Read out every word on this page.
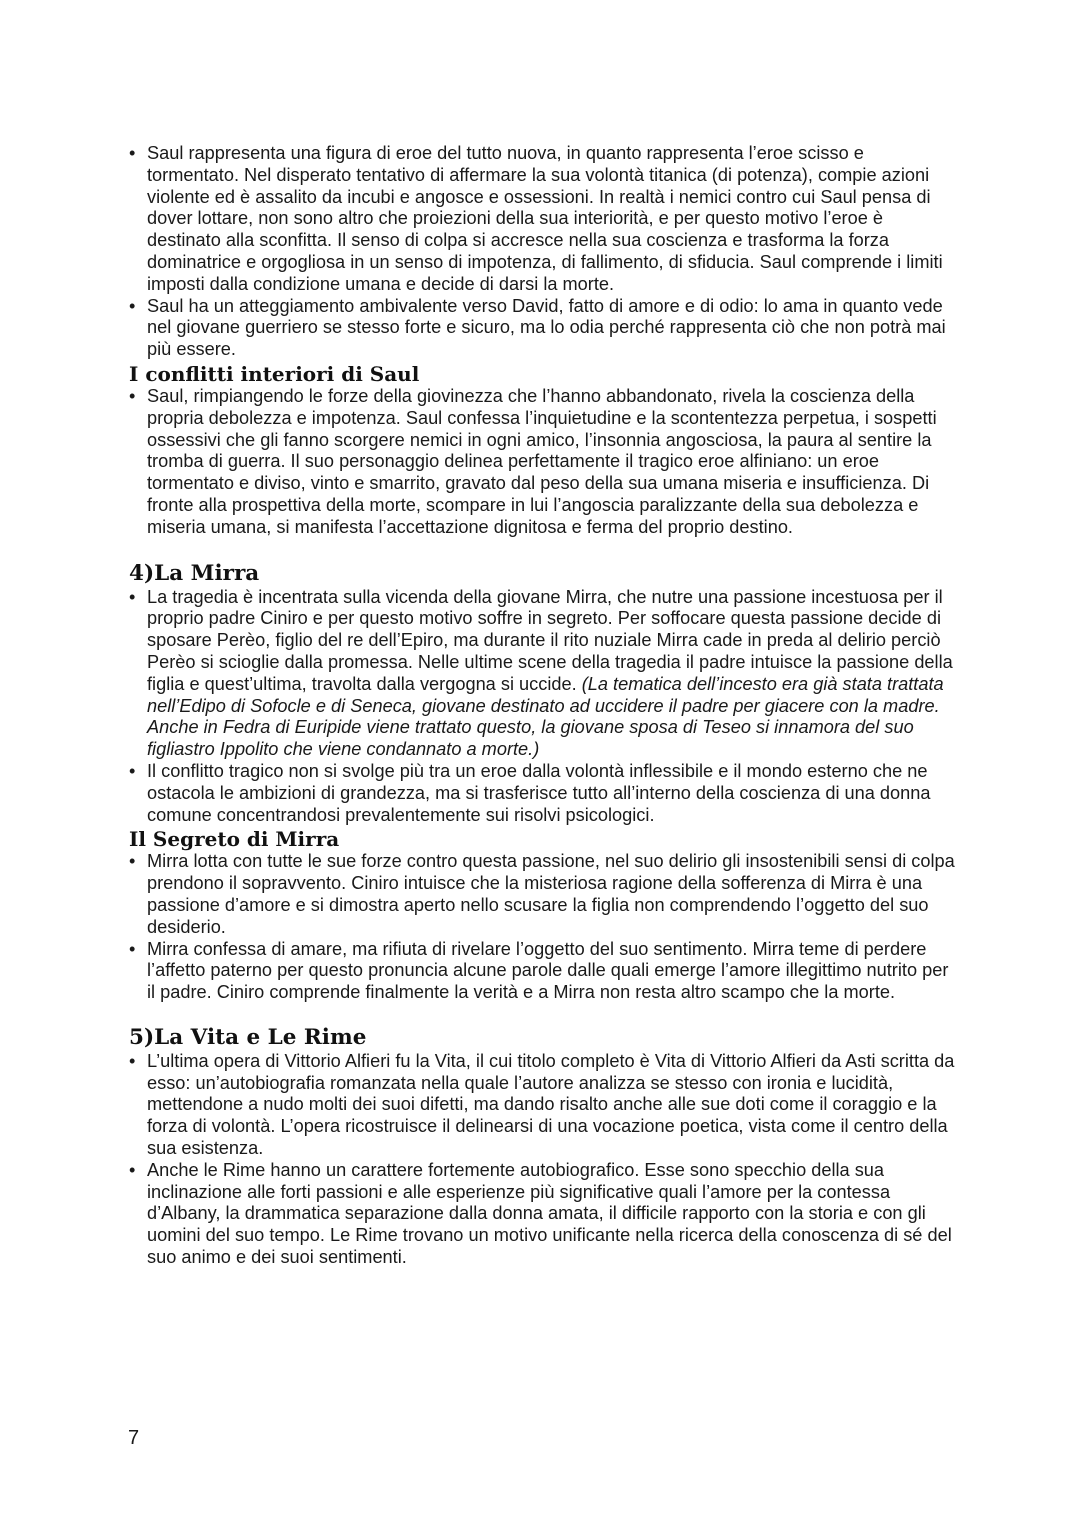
• Saul rappresenta una figura di eroe del tutto nuova, in quanto rappresenta l’eroe scisso e tormentato. Nel disperato tentativo di affermare la sua volontà titanica (di potenza), compie azioni violente ed è assalito da incubi e angosce e ossessioni. In realtà i nemici contro cui Saul pensa di dover lottare, non sono altro che proiezioni della sua interiorità, e per questo motivo l’eroe è destinato alla sconfitta. Il senso di colpa si accresce nella sua coscienza e trasforma la forza dominatrice e orgogliosa in un senso di impotenza, di fallimento, di sfiducia. Saul comprende i limiti imposti dalla condizione umana e decide di darsi la morte.
• Saul ha un atteggiamento ambivalente verso David, fatto di amore e di odio: lo ama in quanto vede nel giovane guerriero se stesso forte e sicuro, ma lo odia perché rappresenta ciò che non potrà mai più essere.
I conflitti interiori di Saul
• Saul, rimpiangendo le forze della giovinezza che l’hanno abbandonato, rivela la coscienza della propria debolezza e impotenza. Saul confessa l’inquietudine e la scontentezza perpetua, i sospetti ossessivi che gli fanno scorgere nemici in ogni amico, l’insonnia angosciosa, la paura al sentire la tromba di guerra. Il suo personaggio delinea perfettamente il tragico eroe alfiniano: un eroe tormentato e diviso, vinto e smarrito, gravato dal peso della sua umana miseria e insufficienza. Di fronte alla prospettiva della morte, scompare in lui l’angoscia paralizzante della sua debolezza e miseria umana, si manifesta l’accettazione dignitosa e ferma del proprio destino.
4)La Mirra
• La tragedia è incentrata sulla vicenda della giovane Mirra, che nutre una passione incestuosa per il proprio padre Ciniro e per questo motivo soffre in segreto. Per soffocare questa passione decide di sposare Perèo, figlio del re dell’Epiro, ma durante il rito nuziale Mirra cade in preda al delirio perciò Perèo si scioglie dalla promessa. Nelle ultime scene della tragedia il padre intuisce la passione della figlia e quest’ultima, travolta dalla vergogna si uccide. (La tematica dell’incesto era già stata trattata nell’Edipo di Sofocle e di Seneca, giovane destinato ad uccidere il padre per giacere con la madre. Anche in Fedra di Euripide viene trattato questo, la giovane sposa di Teseo si innamora del suo figliastro Ippolito che viene condannato a morte.)
• Il conflitto tragico non si svolge più tra un eroe dalla volontà inflessibile e il mondo esterno che ne ostacola le ambizioni di grandezza, ma si trasferisce tutto all’interno della coscienza di una donna comune concentrandosi prevalentemente sui risolvi psicologici.
Il Segreto di Mirra
• Mirra lotta con tutte le sue forze contro questa passione, nel suo delirio gli insostenibili sensi di colpa prendono il sopravvento. Ciniro intuisce che la misteriosa ragione della sofferenza di Mirra è una passione d’amore e si dimostra aperto nello scusare la figlia non comprendendo l’oggetto del suo desiderio.
• Mirra confessa di amare, ma rifiuta di rivelare l’oggetto del suo sentimento. Mirra teme di perdere l’affetto paterno per questo pronuncia alcune parole dalle quali emerge l’amore illegittimo nutrito per il padre. Ciniro comprende finalmente la verità e a Mirra non resta altro scampo che la morte.
5)La Vita e Le Rime
• L’ultima opera di Vittorio Alfieri fu la Vita, il cui titolo completo è Vita di Vittorio Alfieri da Asti scritta da esso: un’autobiografia romanzata nella quale l’autore analizza se stesso con ironia e lucidità, mettendone a nudo molti dei suoi difetti, ma dando risalto anche alle sue doti come il coraggio e la forza di volontà. L’opera ricostruisce il delinearsi di una vocazione poetica, vista come il centro della sua esistenza.
• Anche le Rime hanno un carattere fortemente autobiografico. Esse sono specchio della sua inclinazione alle forti passioni e alle esperienze più significative quali l’amore per la contessa d’Albany, la drammatica separazione dalla donna amata, il difficile rapporto con la storia e con gli uomini del suo tempo. Le Rime trovano un motivo unificante nella ricerca della conoscenza di sé del suo animo e dei suoi sentimenti.
7
